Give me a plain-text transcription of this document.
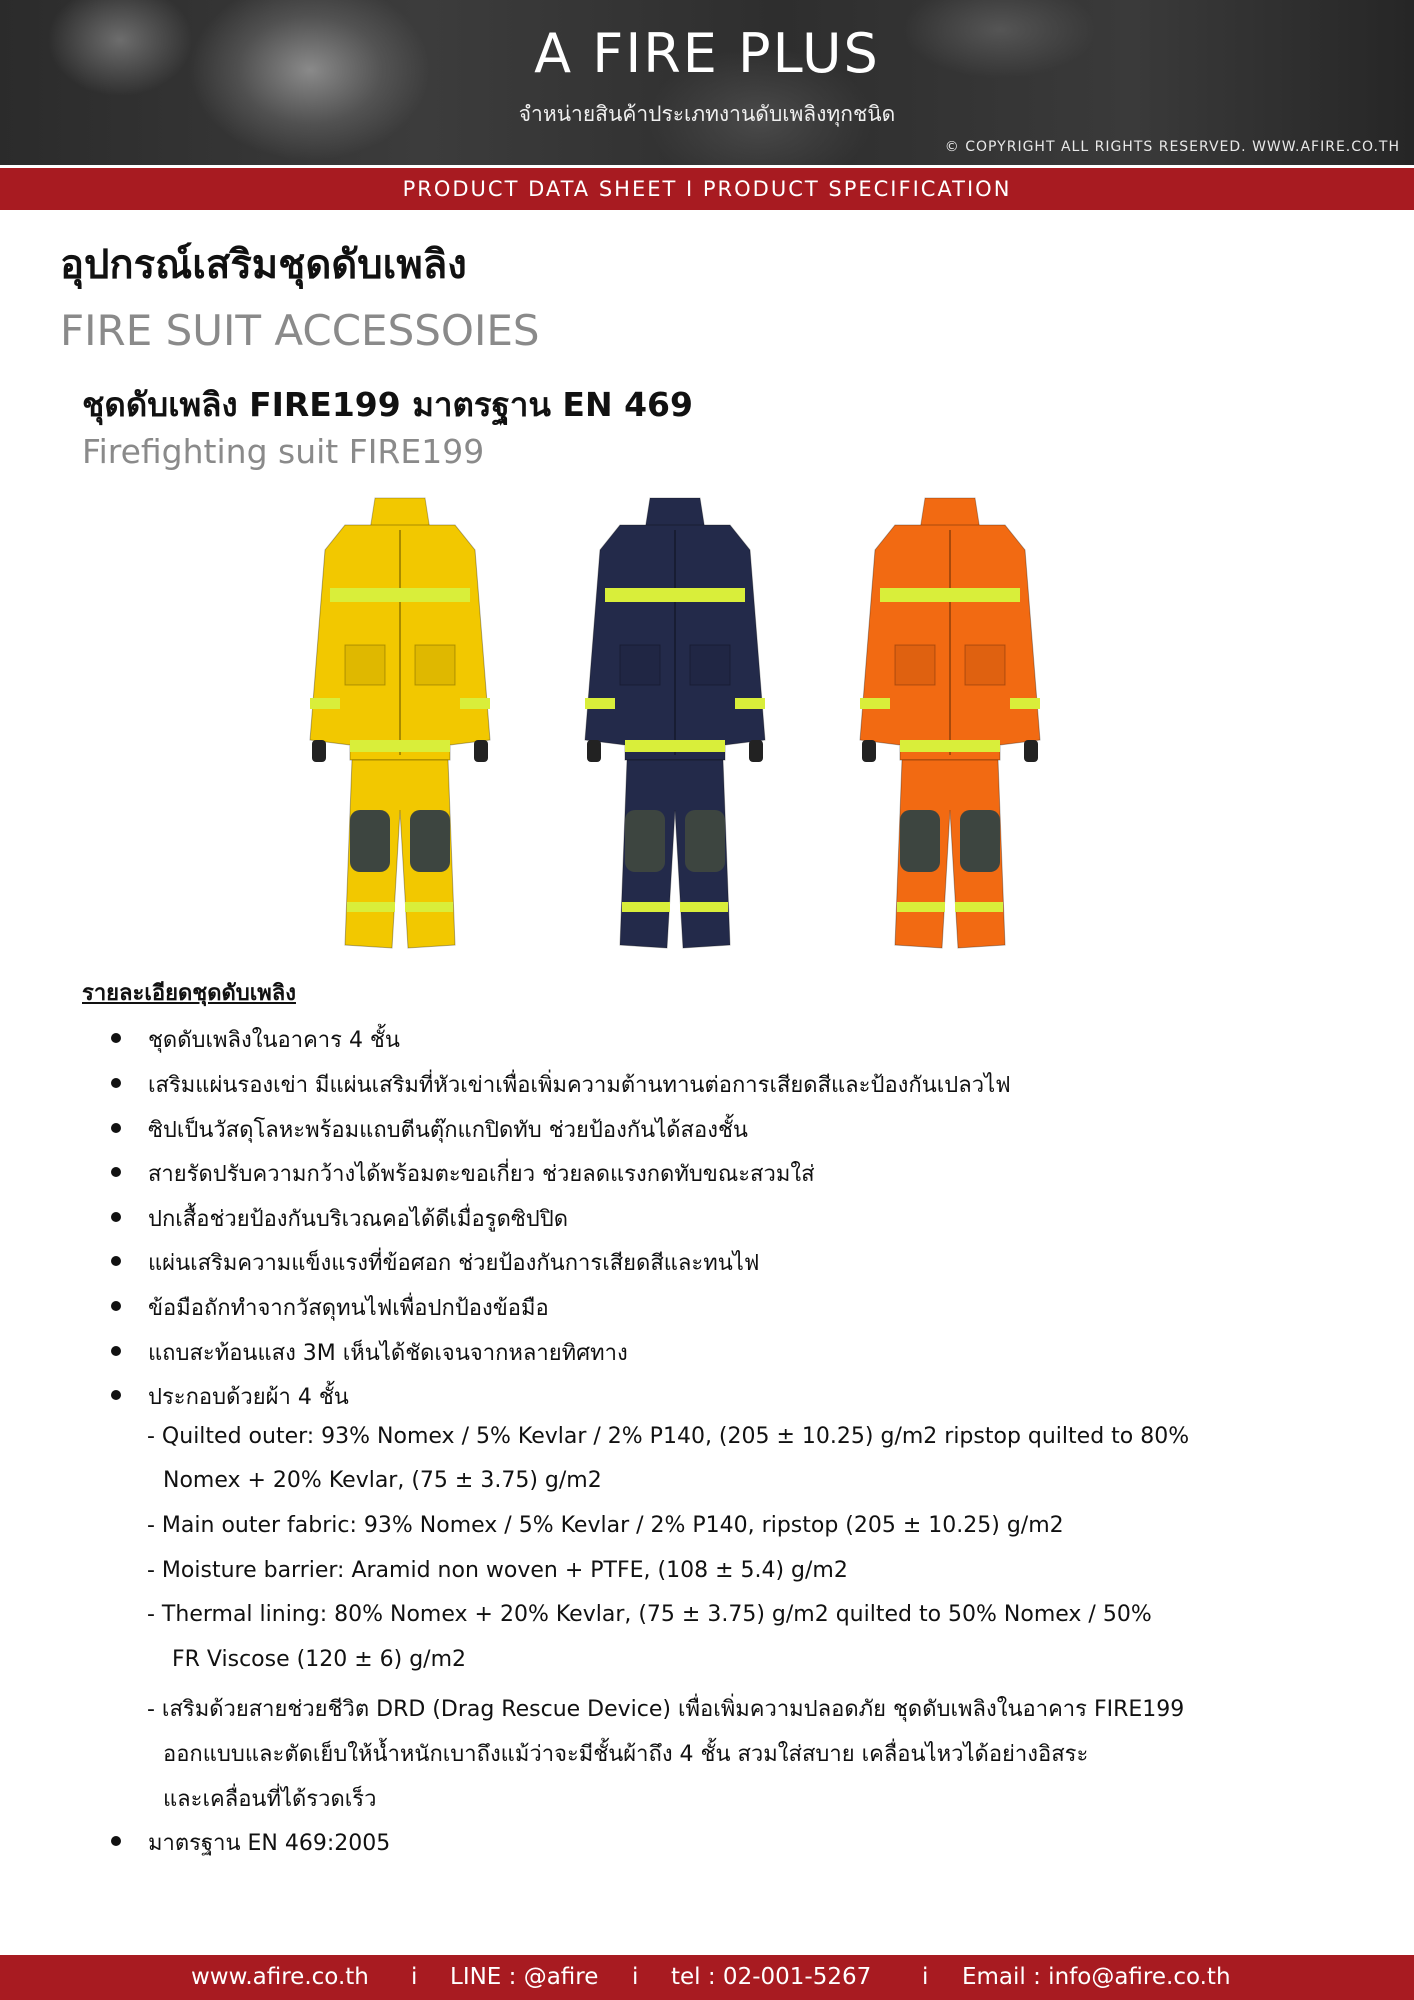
A FIRE PLUS
จำหน่ายสินค้าประเภทงานดับเพลิงทุกชนิด
© COPYRIGHT ALL RIGHTS RESERVED. WWW.AFIRE.CO.TH
PRODUCT DATA SHEET I PRODUCT SPECIFICATION
อุปกรณ์เสริมชุดดับเพลิง
FIRE SUIT ACCESSOIES
ชุดดับเพลิง FIRE199 มาตรฐาน EN 469
Firefighting suit FIRE199
รายละเอียดชุดดับเพลิง
ชุดดับเพลิงในอาคาร 4 ชั้น
เสริมแผ่นรองเข่า มีแผ่นเสริมที่หัวเข่าเพื่อเพิ่มความต้านทานต่อการเสียดสีและป้องกันเปลวไฟ
ซิปเป็นวัสดุโลหะพร้อมแถบตีนตุ๊กแกปิดทับ ช่วยป้องกันได้สองชั้น
สายรัดปรับความกว้างได้พร้อมตะขอเกี่ยว ช่วยลดแรงกดทับขณะสวมใส่
ปกเสื้อช่วยป้องกันบริเวณคอได้ดีเมื่อรูดซิปปิด
แผ่นเสริมความแข็งแรงที่ข้อศอก ช่วยป้องกันการเสียดสีและทนไฟ
ข้อมือถักทำจากวัสดุทนไฟเพื่อปกป้องข้อมือ
แถบสะท้อนแสง 3M เห็นได้ชัดเจนจากหลายทิศทาง
ประกอบด้วยผ้า 4 ชั้น
- Quilted outer: 93% Nomex / 5% Kevlar / 2% P140, (205 ± 10.25) g/m2 ripstop quilted to 80%
Nomex + 20% Kevlar, (75 ± 3.75) g/m2
- Main outer fabric: 93% Nomex / 5% Kevlar / 2% P140, ripstop (205 ± 10.25) g/m2
- Moisture barrier: Aramid non woven + PTFE, (108 ± 5.4) g/m2
- Thermal lining: 80% Nomex + 20% Kevlar, (75 ± 3.75) g/m2 quilted to 50% Nomex / 50%
FR Viscose (120 ± 6) g/m2
- เสริมด้วยสายช่วยชีวิต DRD (Drag Rescue Device) เพื่อเพิ่มความปลอดภัย ชุดดับเพลิงในอาคาร FIRE199
ออกแบบและตัดเย็บให้น้ำหนักเบาถึงแม้ว่าจะมีชั้นผ้าถึง 4 ชั้น สวมใส่สบาย เคลื่อนไหวได้อย่างอิสระ
และเคลื่อนที่ได้รวดเร็ว
มาตรฐาน EN 469:2005
www.afire.co.th i LINE : @afire i tel : 02-001-5267 i Email : info@afire.co.th
